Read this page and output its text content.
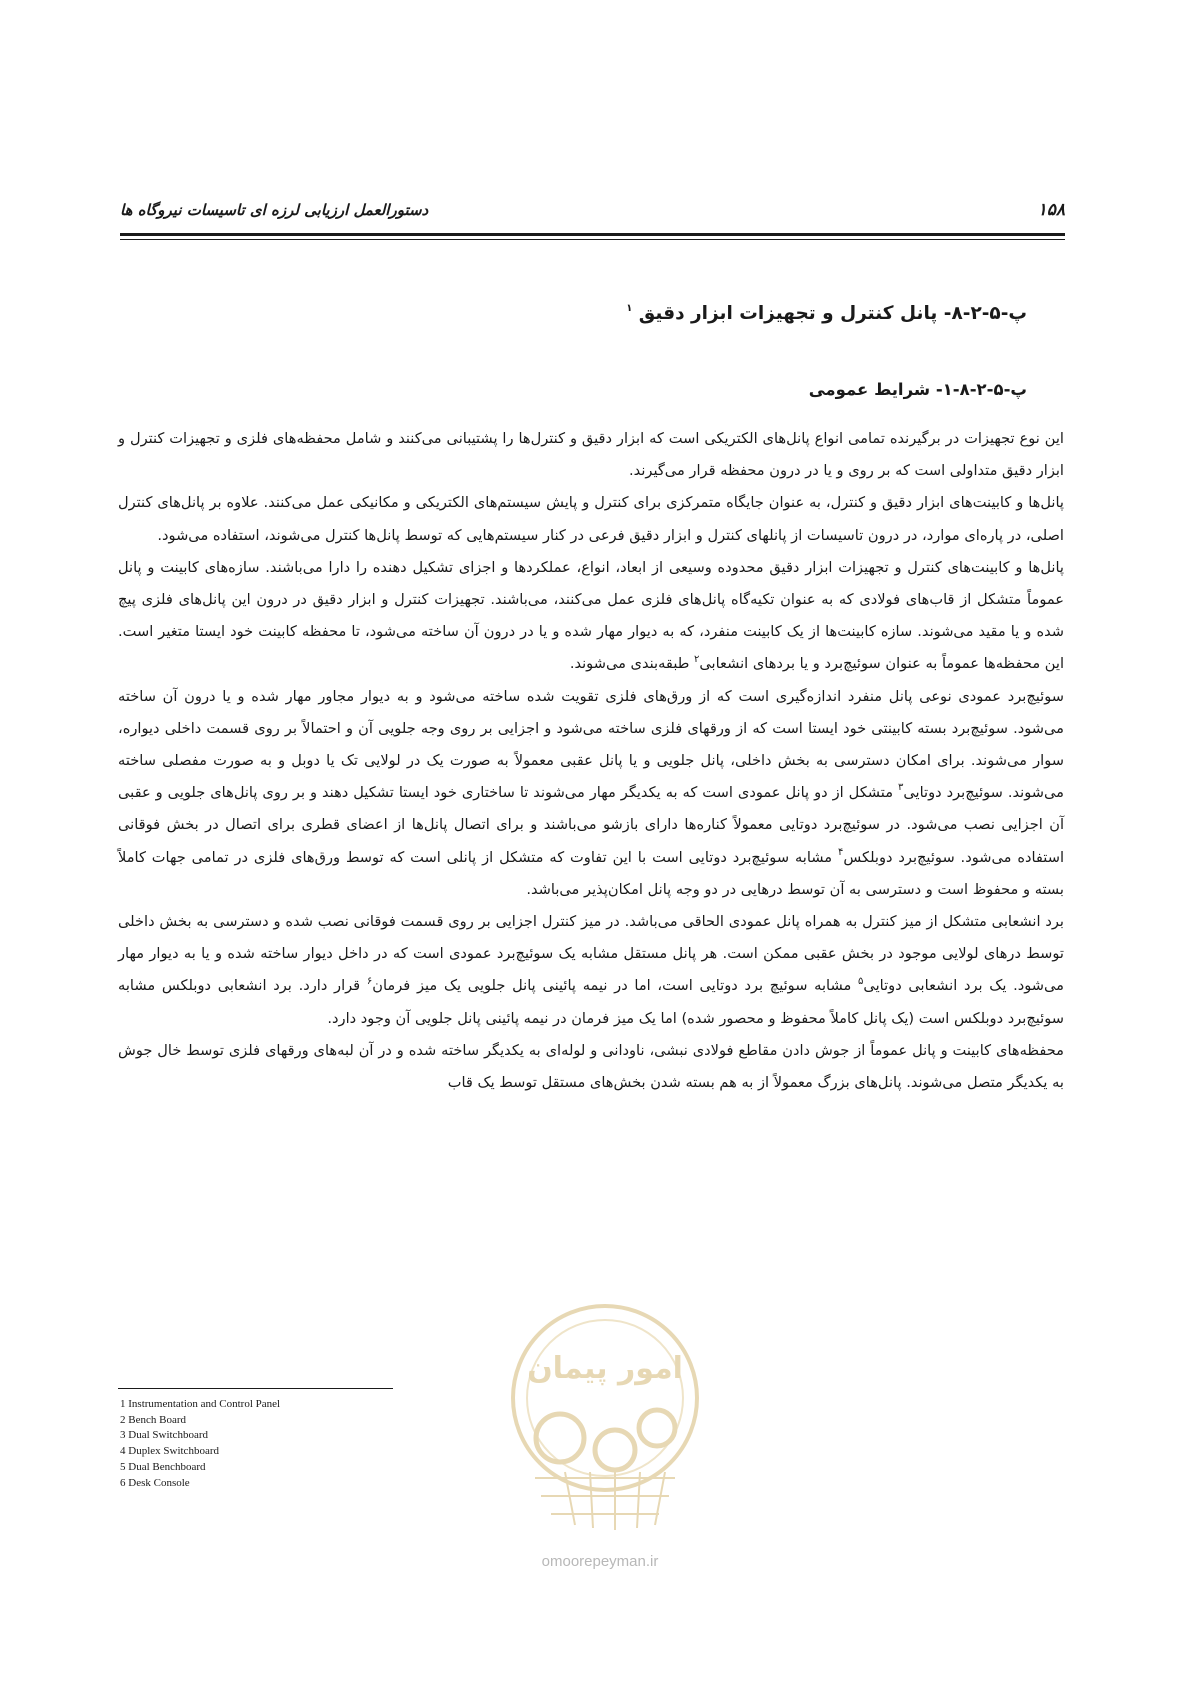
۱۵۸
دستورالعمل ارزیابی لرزه ای تاسیسات نیروگاه ها
پ-۵-۲-۸- پانل کنترل و تجهیزات ابزار دقیق $^۱$
پ-۵-۲-۸-۱- شرایط عمومی

این نوع تجهیزات در برگیرنده تمامی انواع پانل‌های الکتریکی است که ابزار دقیق و کنترل‌ها را پشتیبانی می‌کنند و شامل محفظه‌های فلزی و تجهیزات کنترل و ابزار دقیق متداولی است که بر روی و یا در درون محفظه قرار می‌گیرند.

پانل‌ها و کابینت‌های ابزار دقیق و کنترل، به عنوان جایگاه متمرکزی برای کنترل و پایش سیستم‌های الکتریکی و مکانیکی عمل می‌کنند. علاوه بر پانل‌های کنترل اصلی، در پاره‌ای موارد، در درون تاسیسات از پانلهای کنترل و ابزار دقیق فرعی در کنار سیستم‌هایی که توسط پانل‌ها کنترل می‌شوند، استفاده می‌شود.

پانل‌ها و کابینت‌های کنترل و تجهیزات ابزار دقیق محدوده وسیعی از ابعاد، انواع، عملکردها و اجزای تشکیل دهنده را دارا می‌باشند. سازه‌های کابینت و پانل عموماً متشکل از قاب‌های فولادی که به عنوان تکیه‌گاه پانل‌های فلزی عمل می‌کنند، می‌باشند. تجهیزات کنترل و ابزار دقیق در درون این پانل‌های فلزی پیچ شده و یا مقید می‌شوند. سازه کابینت‌ها از یک کابینت منفرد، که به دیوار مهار شده و یا در درون آن ساخته می‌شود، تا محفظه کابینت خود ایستا متغیر است. این محفظه‌ها عموماً به عنوان سوئیچ‌برد و یا بردهای انشعابی$^۲$ طبقه‌بندی می‌شوند.

سوئیچ‌برد عمودی نوعی پانل منفرد اندازه‌گیری است که از ورق‌های فلزی تقویت شده ساخته می‌شود و به دیوار مجاور مهار شده و یا درون آن ساخته می‌شود. سوئیچ‌برد بسته کابینتی خود ایستا است که از ورقهای فلزی ساخته می‌شود و اجزایی بر روی وجه جلویی آن و احتمالاً بر روی قسمت داخلی دیواره، سوار می‌شوند. برای امکان دسترسی به بخش داخلی، پانل جلویی و یا پانل عقبی معمولاً به صورت یک در لولایی تک یا دوبل و به صورت مفصلی ساخته می‌شوند. سوئیچ‌برد دوتایی$^۳$ متشکل از دو پانل عمودی است که به یکدیگر مهار می‌شوند تا ساختاری خود ایستا تشکیل دهند و بر روی پانل‌های جلویی و عقبی آن اجزایی نصب می‌شود. در سوئیچ‌برد دوتایی معمولاً کناره‌ها دارای بازشو می‌باشند و برای اتصال پانل‌ها از اعضای قطری برای اتصال در بخش فوقانی استفاده می‌شود. سوئیچ‌برد دوبلکس$^۴$ مشابه سوئیچ‌برد دوتایی است با این تفاوت که متشکل از پانلی است که توسط ورق‌های فلزی در تمامی جهات کاملاً بسته و محفوظ است و دسترسی به آن توسط درهایی در دو وجه پانل امکان‌پذیر می‌باشد.

برد انشعابی متشکل از میز کنترل به همراه پانل عمودی الحاقی می‌باشد. در میز کنترل اجزایی بر روی قسمت فوقانی نصب شده و دسترسی به بخش داخلی توسط درهای لولایی موجود در بخش عقبی ممکن است. هر پانل مستقل مشابه یک سوئیچ‌برد عمودی است که در داخل دیوار ساخته شده و یا به دیوار مهار می‌شود. یک برد انشعابی دوتایی$^۵$ مشابه سوئیچ برد دوتایی است، اما در نیمه پائینی پانل جلویی یک میز فرمان$^۶$ قرار دارد. برد انشعابی دوبلکس مشابه سوئیچ‌برد دوبلکس است (یک پانل کاملاً محفوظ و محصور شده) اما یک میز فرمان در نیمه پائینی پانل جلویی آن وجود دارد.

محفظه‌های کابینت و پانل عموماً از جوش دادن مقاطع فولادی نبشی، ناودانی و لوله‌ای به یکدیگر ساخته شده و در آن لبه‌های ورقهای فلزی توسط خال جوش به یکدیگر متصل می‌شوند. پانل‌های بزرگ معمولاً از به هم بسته شدن بخش‌های مستقل توسط یک قاب

1 Instrumentation and Control Panel
2 Bench Board
3 Dual Switchboard
4 Duplex Switchboard
5 Dual Benchboard
6 Desk Console
امور پیمان
omoorepeyman.ir
